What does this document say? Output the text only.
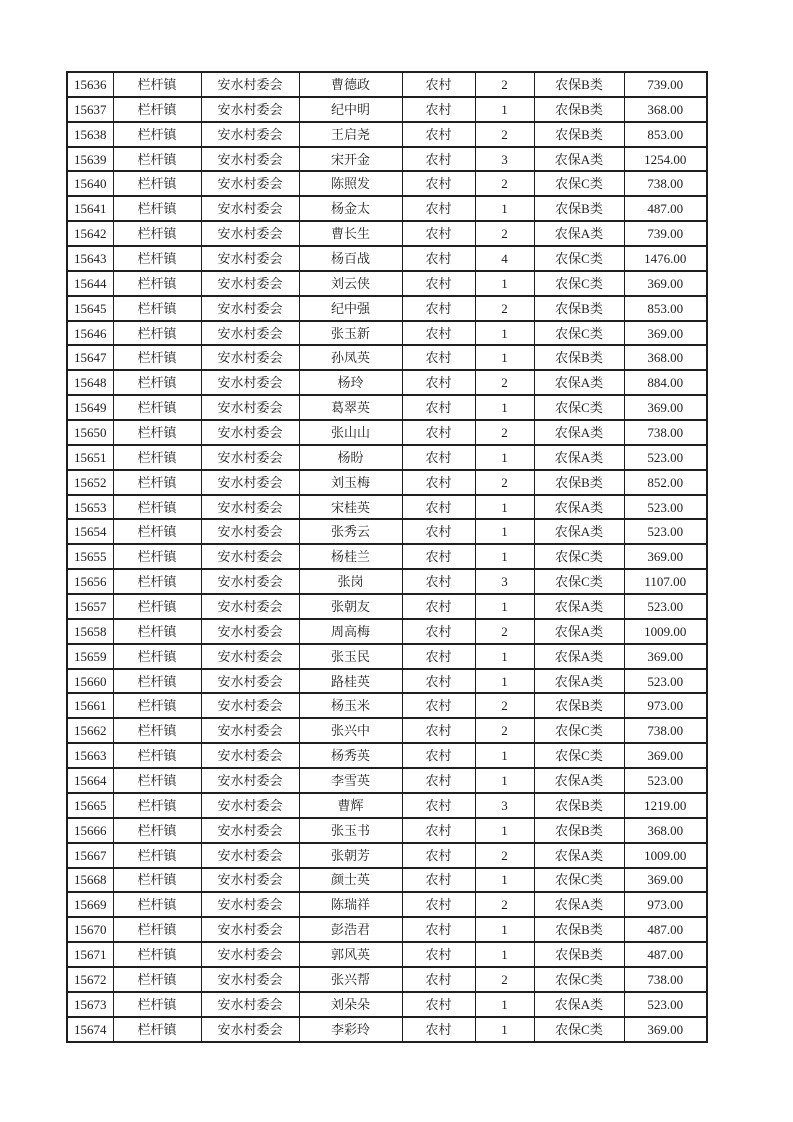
15636	栏杆镇	安水村委会	曹德政	农村	2	农保B类	739.00
15637	栏杆镇	安水村委会	纪中明	农村	1	农保B类	368.00
15638	栏杆镇	安水村委会	王启尧	农村	2	农保B类	853.00
15639	栏杆镇	安水村委会	宋开金	农村	3	农保A类	1254.00
15640	栏杆镇	安水村委会	陈照发	农村	2	农保C类	738.00
15641	栏杆镇	安水村委会	杨金太	农村	1	农保B类	487.00
15642	栏杆镇	安水村委会	曹长生	农村	2	农保A类	739.00
15643	栏杆镇	安水村委会	杨百战	农村	4	农保C类	1476.00
15644	栏杆镇	安水村委会	刘云侠	农村	1	农保C类	369.00
15645	栏杆镇	安水村委会	纪中强	农村	2	农保B类	853.00
15646	栏杆镇	安水村委会	张玉新	农村	1	农保C类	369.00
15647	栏杆镇	安水村委会	孙凤英	农村	1	农保B类	368.00
15648	栏杆镇	安水村委会	杨玲	农村	2	农保A类	884.00
15649	栏杆镇	安水村委会	葛翠英	农村	1	农保C类	369.00
15650	栏杆镇	安水村委会	张山山	农村	2	农保A类	738.00
15651	栏杆镇	安水村委会	杨盼	农村	1	农保A类	523.00
15652	栏杆镇	安水村委会	刘玉梅	农村	2	农保B类	852.00
15653	栏杆镇	安水村委会	宋桂英	农村	1	农保A类	523.00
15654	栏杆镇	安水村委会	张秀云	农村	1	农保A类	523.00
15655	栏杆镇	安水村委会	杨桂兰	农村	1	农保C类	369.00
15656	栏杆镇	安水村委会	张岗	农村	3	农保C类	1107.00
15657	栏杆镇	安水村委会	张朝友	农村	1	农保A类	523.00
15658	栏杆镇	安水村委会	周高梅	农村	2	农保A类	1009.00
15659	栏杆镇	安水村委会	张玉民	农村	1	农保A类	369.00
15660	栏杆镇	安水村委会	路桂英	农村	1	农保A类	523.00
15661	栏杆镇	安水村委会	杨玉米	农村	2	农保B类	973.00
15662	栏杆镇	安水村委会	张兴中	农村	2	农保C类	738.00
15663	栏杆镇	安水村委会	杨秀英	农村	1	农保C类	369.00
15664	栏杆镇	安水村委会	李雪英	农村	1	农保A类	523.00
15665	栏杆镇	安水村委会	曹辉	农村	3	农保B类	1219.00
15666	栏杆镇	安水村委会	张玉书	农村	1	农保B类	368.00
15667	栏杆镇	安水村委会	张朝芳	农村	2	农保A类	1009.00
15668	栏杆镇	安水村委会	颜士英	农村	1	农保C类	369.00
15669	栏杆镇	安水村委会	陈瑞祥	农村	2	农保A类	973.00
15670	栏杆镇	安水村委会	彭浩君	农村	1	农保B类	487.00
15671	栏杆镇	安水村委会	郭风英	农村	1	农保B类	487.00
15672	栏杆镇	安水村委会	张兴帮	农村	2	农保C类	738.00
15673	栏杆镇	安水村委会	刘朵朵	农村	1	农保A类	523.00
15674	栏杆镇	安水村委会	李彩玲	农村	1	农保C类	369.00
